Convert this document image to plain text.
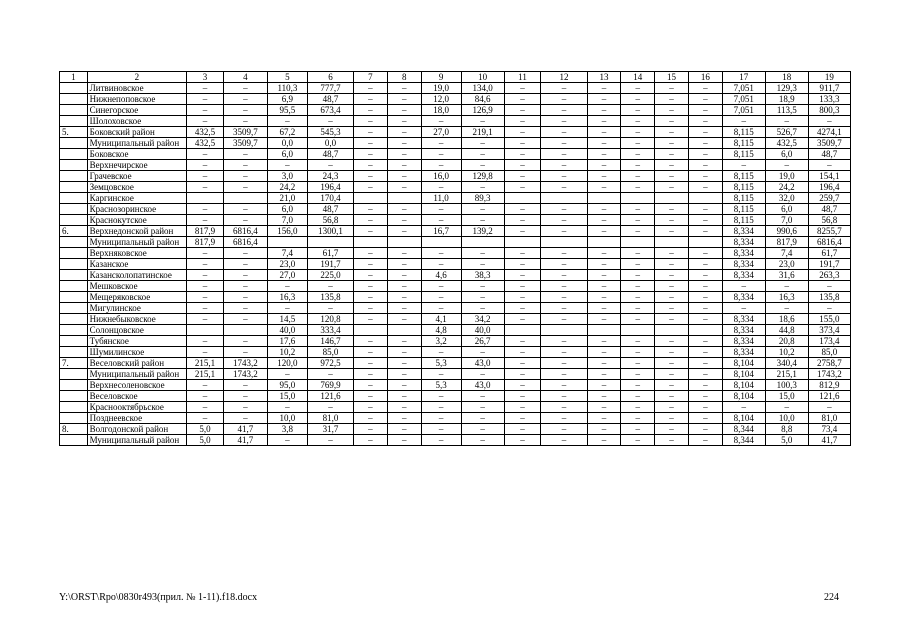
1	2	3	4	5	6	7	8	9	10	11	12	13	14	15	16	17	18	19
	Литвиновское	–	–	110,3	777,7	–	–	19,0	134,0	–	–	–	–	–	–	7,051	129,3	911,7
	Нижнепоповское	–	–	6,9	48,7	–	–	12,0	84,6	–	–	–	–	–	–	7,051	18,9	133,3
	Синегорское	–	–	95,5	673,4	–	–	18,0	126,9	–	–	–	–	–	–	7,051	113,5	800,3
	Шолоховское	–	–	–	–	–	–	–	–	–	–	–	–	–	–	–	–	–
5.	Боковский район	432,5	3509,7	67,2	545,3	–	–	27,0	219,1	–	–	–	–	–	–	8,115	526,7	4274,1
	Муниципальный район	432,5	3509,7	0,0	0,0	–	–	–	–	–	–	–	–	–	–	8,115	432,5	3509,7
	Боковское	–	–	6,0	48,7	–	–	–	–	–	–	–	–	–	–	8,115	6,0	48,7
	Верхнечирское	–	–	–	–	–	–	–	–	–	–	–	–	–	–	–	–	–
	Грачевское	–	–	3,0	24,3	–	–	16,0	129,8	–	–	–	–	–	–	8,115	19,0	154,1
	Земцовское	–	–	24,2	196,4	–	–	–	–	–	–	–	–	–	–	8,115	24,2	196,4
	Каргинское			21,0	170,4			11,0	89,3							8,115	32,0	259,7
	Краснозоринское	–	–	6,0	48,7	–	–	–	–	–	–	–	–	–	–	8,115	6,0	48,7
	Краснокутское	–	–	7,0	56,8	–	–	–	–	–	–	–	–	–	–	8,115	7,0	56,8
6.	Верхнедонской район	817,9	6816,4	156,0	1300,1	–	–	16,7	139,2	–	–	–	–	–	–	8,334	990,6	8255,7
	Муниципальный район	817,9	6816,4													8,334	817,9	6816,4
	Верхняковское	–	–	7,4	61,7	–	–	–	–	–	–	–	–	–	–	8,334	7,4	61,7
	Казанское	–	–	23,0	191,7	–	–	–	–	–	–	–	–	–	–	8,334	23,0	191,7
	Казансколопатинское	–	–	27,0	225,0	–	–	4,6	38,3	–	–	–	–	–	–	8,334	31,6	263,3
	Мешковское	–	–	–	–	–	–	–	–	–	–	–	–	–	–	–	–	–
	Мещеряковское	–	–	16,3	135,8	–	–	–	–	–	–	–	–	–	–	8,334	16,3	135,8
	Мигулинское	–	–	–	–	–	–	–	–	–	–	–	–	–	–	–	–	–
	Нижнебыковское	–	–	14,5	120,8	–	–	4,1	34,2	–	–	–	–	–	–	8,334	18,6	155,0
	Солонцовское			40,0	333,4			4,8	40,0							8,334	44,8	373,4
	Тубянское	–	–	17,6	146,7	–	–	3,2	26,7	–	–	–	–	–	–	8,334	20,8	173,4
	Шумилинское	–	–	10,2	85,0	–	–	–	–	–	–	–	–	–	–	8,334	10,2	85,0
7.	Веселовский район	215,1	1743,2	120,0	972,5	–	–	5,3	43,0	–	–	–	–	–	–	8,104	340,4	2758,7
	Муниципальный район	215,1	1743,2	–	–	–	–	–	–	–	–	–	–	–	–	8,104	215,1	1743,2
	Верхнесоленовское	–	–	95,0	769,9	–	–	5,3	43,0	–	–	–	–	–	–	8,104	100,3	812,9
	Веселовское	–	–	15,0	121,6	–	–	–	–	–	–	–	–	–	–	8,104	15,0	121,6
	Краснооктябрьское	–	–	–	–	–	–	–	–	–	–	–	–	–	–	–	–	–
	Позднеевское	–	–	10,0	81,0	–	–	–	–	–	–	–	–	–	–	8,104	10,0	81,0
8.	Волгодонской район	5,0	41,7	3,8	31,7	–	–	–	–	–	–	–	–	–	–	8,344	8,8	73,4
	Муниципальный район	5,0	41,7	–	–	–	–	–	–	–	–	–	–	–	–	8,344	5,0	41,7
Y:\ORST\Rpo\0830r493(прил. № 1-11).f18.docx	224
